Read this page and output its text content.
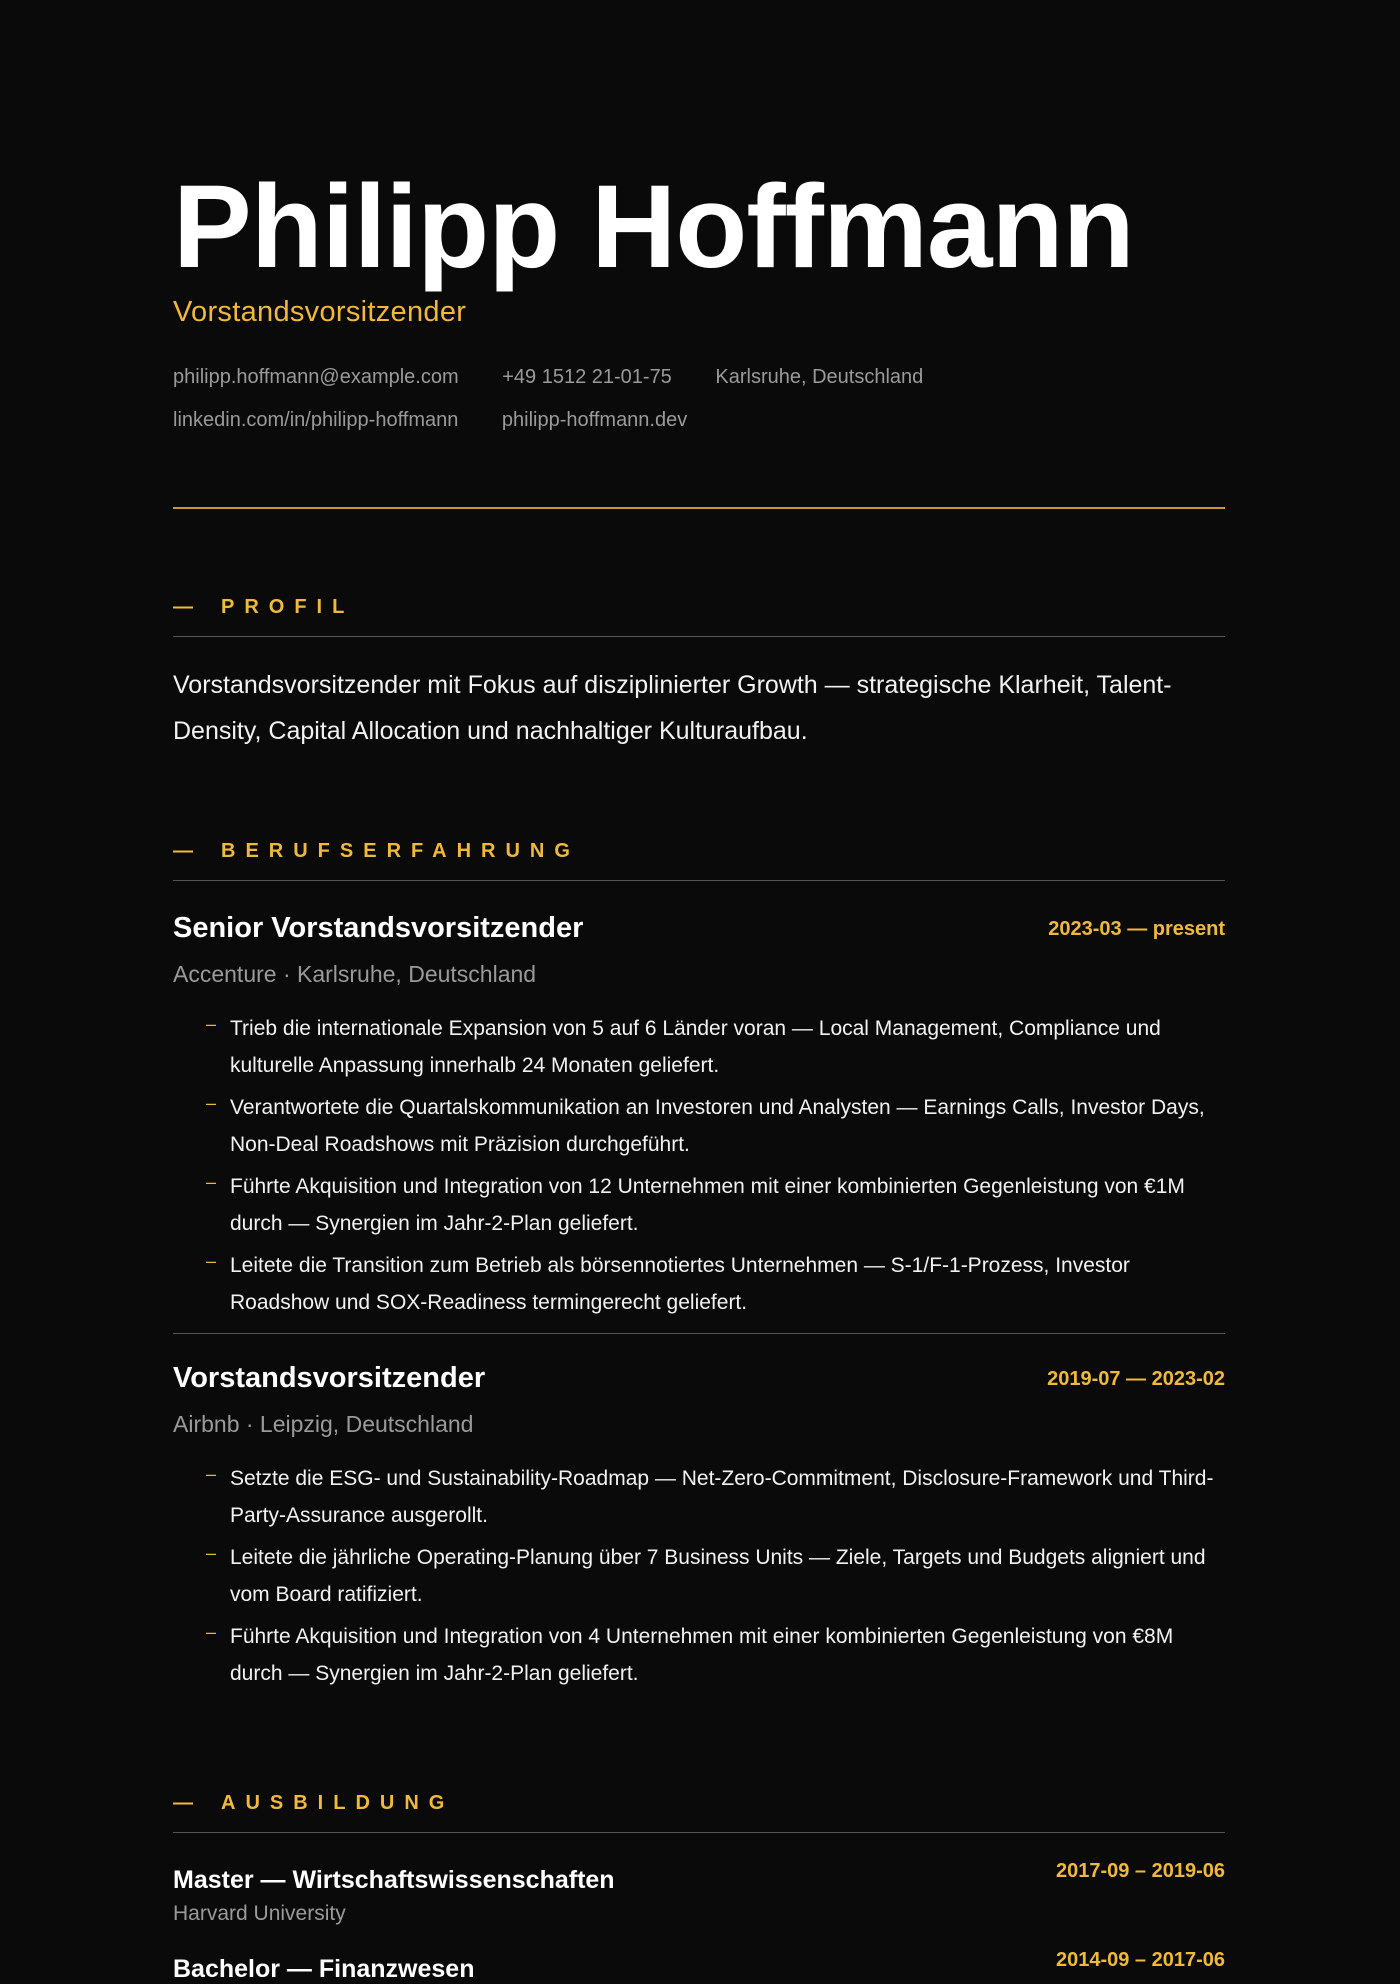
Philipp Hoffmann
Vorstandsvorsitzender
philipp.hoffmann@example.com +49 1512 21-01-75 Karlsruhe, Deutschland
linkedin.com/in/philipp-hoffmann philipp-hoffmann.dev
— PROFIL
Vorstandsvorsitzender mit Fokus auf disziplinierter Growth — strategische Klarheit, Talent-Density, Capital Allocation und nachhaltiger Kulturaufbau.
— BERUFSERFAHRUNG
Senior Vorstandsvorsitzender	2023-03 — present
Accenture · Karlsruhe, Deutschland
– Trieb die internationale Expansion von 5 auf 6 Länder voran — Local Management, Compliance und kulturelle Anpassung innerhalb 24 Monaten geliefert.
– Verantwortete die Quartalskommunikation an Investoren und Analysten — Earnings Calls, Investor Days, Non-Deal Roadshows mit Präzision durchgeführt.
– Führte Akquisition und Integration von 12 Unternehmen mit einer kombinierten Gegenleistung von €1M durch — Synergien im Jahr-2-Plan geliefert.
– Leitete die Transition zum Betrieb als börsennotiertes Unternehmen — S-1/F-1-Prozess, Investor Roadshow und SOX-Readiness termingerecht geliefert.
Vorstandsvorsitzender	2019-07 — 2023-02
Airbnb · Leipzig, Deutschland
– Setzte die ESG- und Sustainability-Roadmap — Net-Zero-Commitment, Disclosure-Framework und Third-Party-Assurance ausgerollt.
– Leitete die jährliche Operating-Planung über 7 Business Units — Ziele, Targets und Budgets aligniert und vom Board ratifiziert.
– Führte Akquisition und Integration von 4 Unternehmen mit einer kombinierten Gegenleistung von €8M durch — Synergien im Jahr-2-Plan geliefert.
— AUSBILDUNG
Master — Wirtschaftswissenschaften	2017-09 – 2019-06
Harvard University
Bachelor — Finanzwesen	2014-09 – 2017-06
